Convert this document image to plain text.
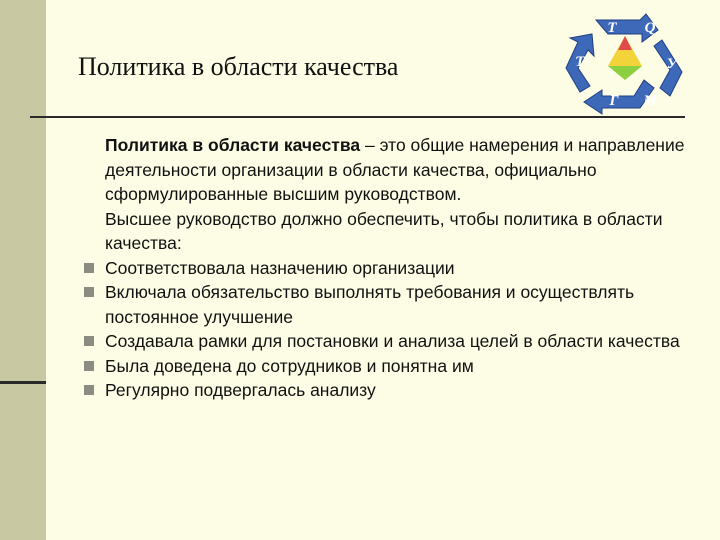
Политика в области качества
Т Q
Ƭ	У
Г М
Политика в области качества – это общие намерения и направление деятельности организации в области качества, официально сформулированные высшим руководством.
Высшее руководство должно обеспечить, чтобы политика в области качества:
Соответствовала назначению организации
Включала обязательство выполнять требования и осуществлять постоянное улучшение
Создавала рамки для постановки и анализа целей в области качества
Была доведена до сотрудников и понятна им
Регулярно подвергалась анализу
